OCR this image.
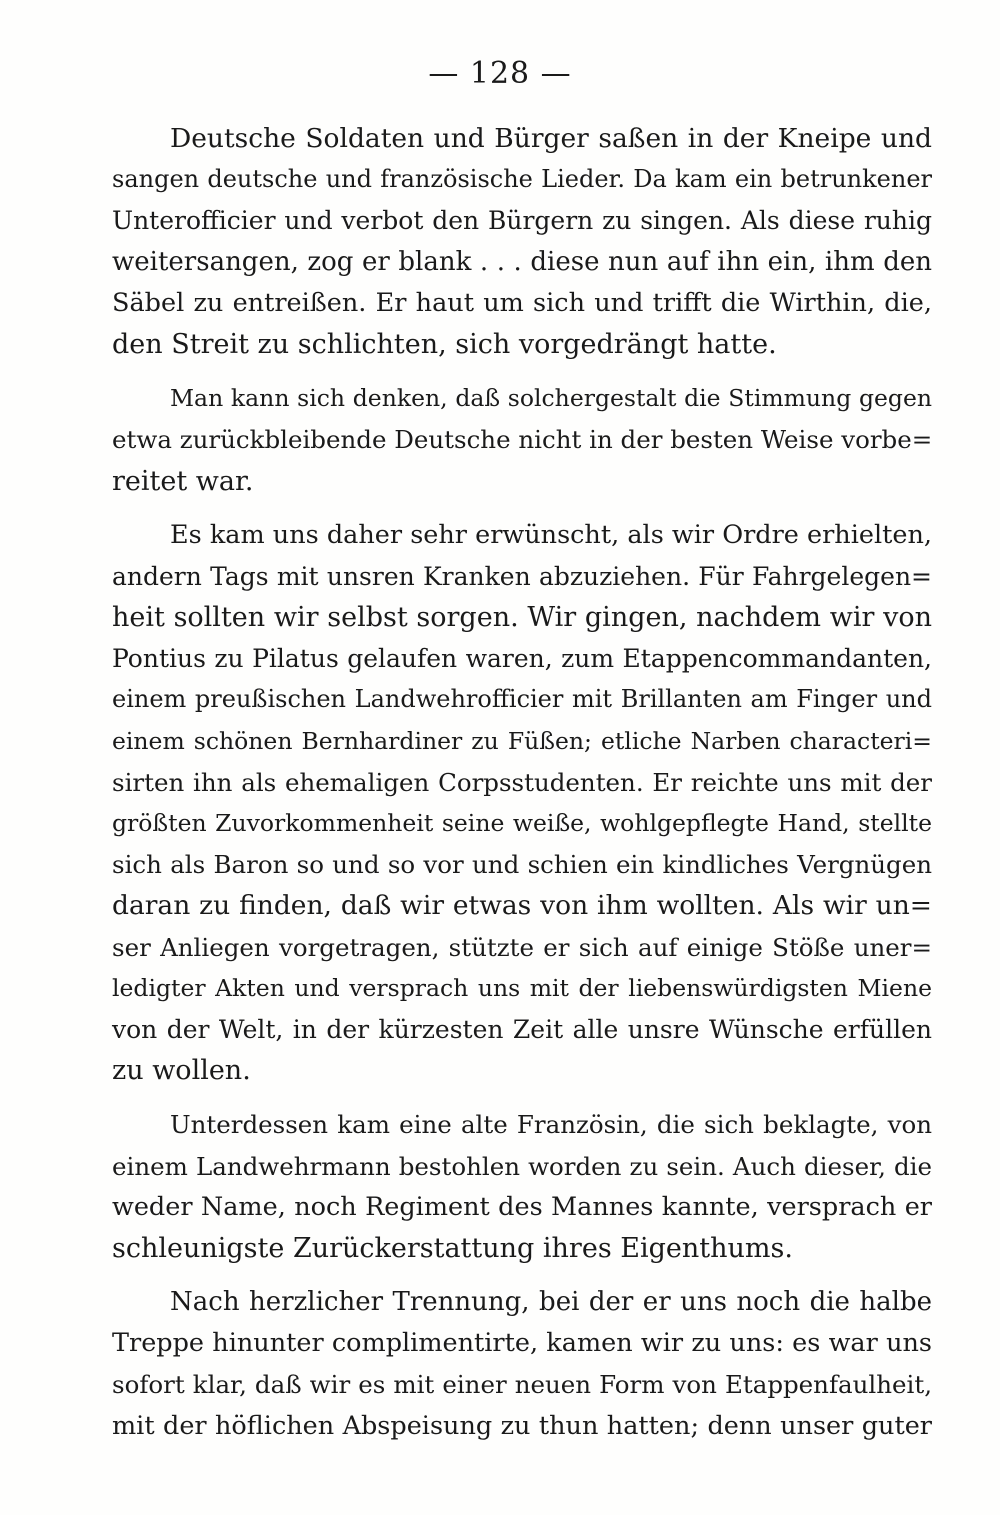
— 128 —
Deutsche Soldaten und Bürger saßen in der Kneipe und
sangen deutsche und französische Lieder. Da kam ein betrunkener
Unterofficier und verbot den Bürgern zu singen. Als diese ruhig
weitersangen, zog er blank . . . diese nun auf ihn ein, ihm den
Säbel zu entreißen. Er haut um sich und trifft die Wirthin, die,
den Streit zu schlichten, sich vorgedrängt hatte.
Man kann sich denken, daß solchergestalt die Stimmung gegen
etwa zurückbleibende Deutsche nicht in der besten Weise vorbe=
reitet war.
Es kam uns daher sehr erwünscht, als wir Ordre erhielten,
andern Tags mit unsren Kranken abzuziehen. Für Fahrgelegen=
heit sollten wir selbst sorgen. Wir gingen, nachdem wir von
Pontius zu Pilatus gelaufen waren, zum Etappencommandanten,
einem preußischen Landwehrofficier mit Brillanten am Finger und
einem schönen Bernhardiner zu Füßen; etliche Narben characteri=
sirten ihn als ehemaligen Corpsstudenten. Er reichte uns mit der
größten Zuvorkommenheit seine weiße, wohlgepflegte Hand, stellte
sich als Baron so und so vor und schien ein kindliches Vergnügen
daran zu finden, daß wir etwas von ihm wollten. Als wir un=
ser Anliegen vorgetragen, stützte er sich auf einige Stöße uner=
ledigter Akten und versprach uns mit der liebenswürdigsten Miene
von der Welt, in der kürzesten Zeit alle unsre Wünsche erfüllen
zu wollen.
Unterdessen kam eine alte Französin, die sich beklagte, von
einem Landwehrmann bestohlen worden zu sein. Auch dieser, die
weder Name, noch Regiment des Mannes kannte, versprach er
schleunigste Zurückerstattung ihres Eigenthums.
Nach herzlicher Trennung, bei der er uns noch die halbe
Treppe hinunter complimentirte, kamen wir zu uns: es war uns
sofort klar, daß wir es mit einer neuen Form von Etappenfaulheit,
mit der höflichen Abspeisung zu thun hatten; denn unser guter
